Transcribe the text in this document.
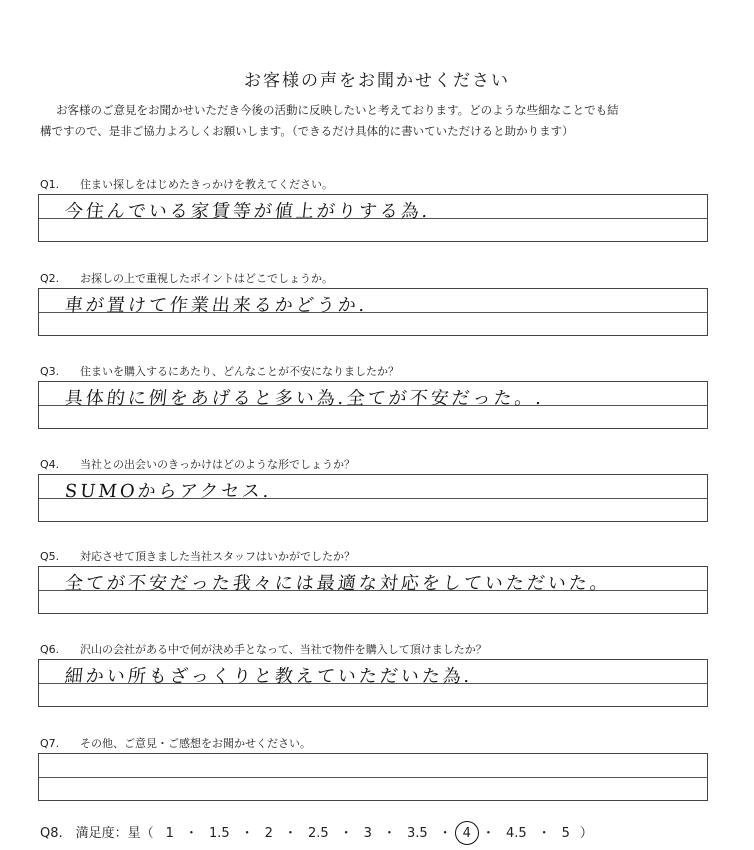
お客様の声をお聞かせください
お客様のご意見をお聞かせいただき今後の活動に反映したいと考えております。どのような些細なことでも結
構ですので、是非ご協力よろしくお願いします。（できるだけ具体的に書いていただけると助かります）
Q1. 住まい探しをはじめたきっかけを教えてください。
今住んでいる家賃等が値上がりする為.
Q2. お探しの上で重視したポイントはどこでしょうか。
車が置けて作業出来るかどうか.
Q3. 住まいを購入するにあたり、どんなことが不安になりましたか？
具体的に例をあげると多い為.全てが不安だった。.
Q4. 当社との出会いのきっかけはどのような形でしょうか？
SUMOからアクセス.
Q5. 対応させて頂きました当社スタッフはいかがでしたか？
全てが不安だった我々には最適な対応をしていただいた。
Q6. 沢山の会社がある中で何が決め手となって、当社で物件を購入して頂けましたか？
細かい所もざっくりと教えていただいた為.
Q7. その他、ご意見・ご感想をお聞かせください。
Q8.　満足度：星（ 1 ・ 1.5 ・ 2 ・ 2.5 ・ 3 ・ 3.5 ・ 4 ・ 4.5 ・ 5 ）
